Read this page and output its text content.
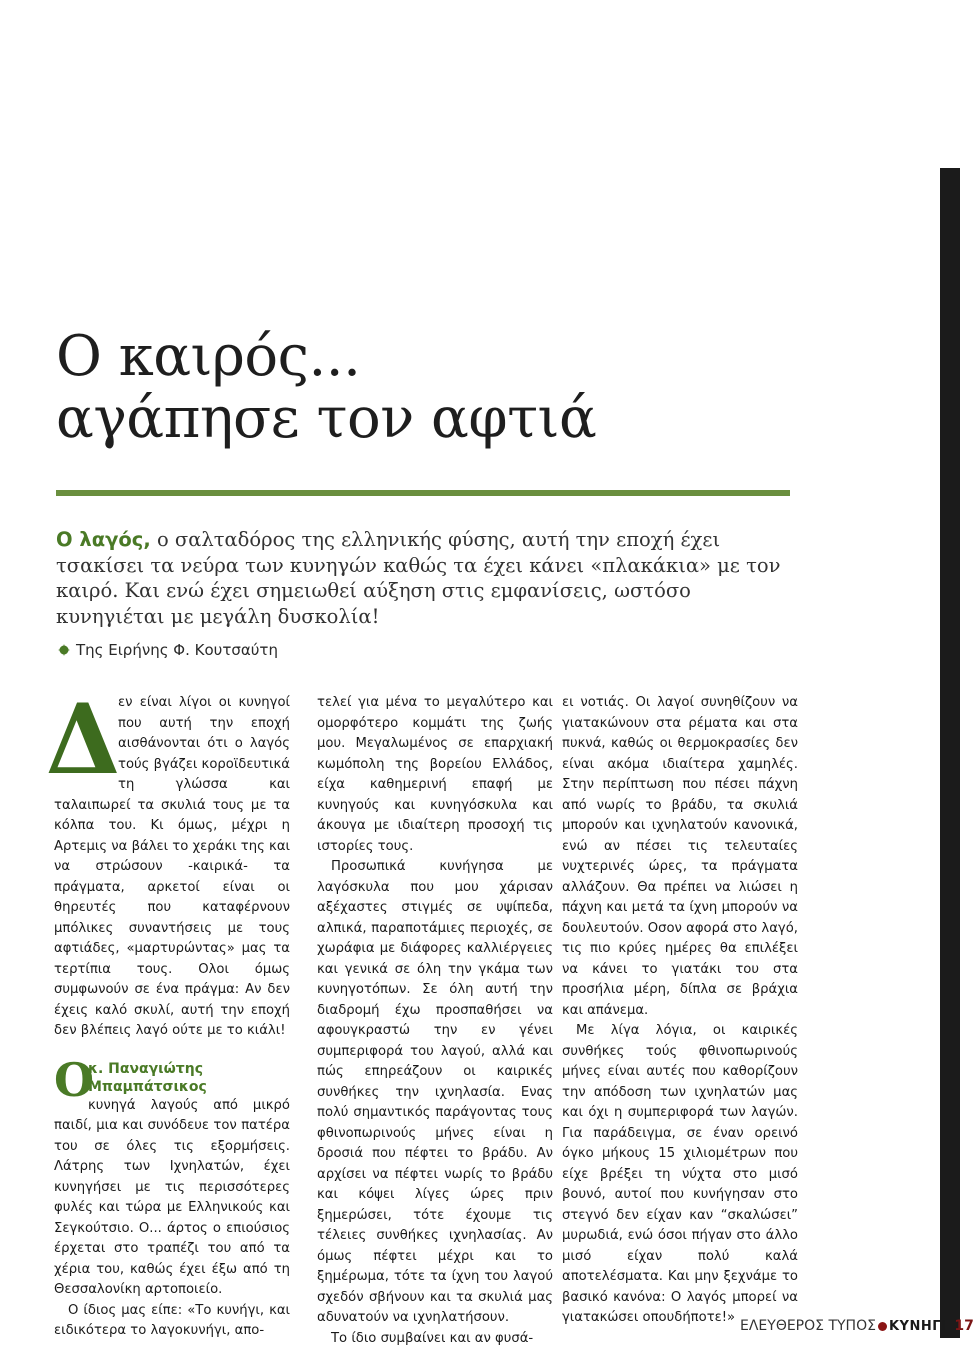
Ο καιρός...
αγάπησε τον αφτιά

Ο λαγός, ο σαλταδόρος της ελληνικής φύσης, αυτή την εποχή έχει τσακίσει τα νεύρα των κυνηγών καθώς τα έχει κάνει «πλακάκια» με τον καιρό. Και ενώ έχει σημειωθεί αύξηση στις εμφανίσεις, ωστόσο κυνηγιέται με μεγάλη δυσκολία!

Της Ειρήνης Φ. Κουτσαύτη

Δ
εν είναι λίγοι οι κυνηγοί που αυτή την εποχή αισθάνονται ότι ο λαγός τούς βγάζει κοροϊδευτικά τη γλώσσα και ταλαιπωρεί τα σκυλιά τους με τα κόλπα του. Κι όμως, μέχρι η Αρτεμις να βάλει το χεράκι της και να στρώσουν -καιρικά- τα πράγματα, αρκετοί είναι οι θηρευτές που καταφέρνουν μπόλικες συναντήσεις με τους αφτιάδες, «μαρτυρώντας» μας τα τερτίπια τους. Ολοι όμως συμφωνούν σε ένα πράγμα: Αν δεν έχεις καλό σκυλί, αυτή την εποχή δεν βλέπεις λαγό ούτε με το κιάλι!

Ο
κ. Παναγιώτης Μπαμπάτσικος
κυνηγά λαγούς από μικρό παιδί, μια και συνόδευε τον πατέρα του σε όλες τις εξορμήσεις. Λάτρης των Ιχνηλατών, έχει κυνηγήσει με τις περισσότερες φυλές και τώρα με Ελληνικούς και Σεγκούτσιο. Ο... άρτος ο επιούσιος έρχεται στο τραπέζι του από τα χέρια του, καθώς έχει έξω από τη Θεσσαλονίκη αρτοποιείο.

Ο ίδιος μας είπε: «Το κυνήγι, και ειδικότερα το λαγοκυνήγι, απο-

τελεί για μένα το μεγαλύτερο και ομορφότερο κομμάτι της ζωής μου. Μεγαλωμένος σε επαρχιακή κωμόπολη της βορείου Ελλάδος, είχα καθημερινή επαφή με κυνηγούς και κυνηγόσκυλα και άκουγα με ιδιαίτερη προσοχή τις ιστορίες τους.

Προσωπικά κυνήγησα με λαγόσκυλα που μου χάρισαν αξέχαστες στιγμές σε υψίπεδα, αλπικά, παραποτάμιες περιοχές, σε χωράφια με διάφορες καλλιέργειες και γενικά σε όλη την γκάμα των κυνηγοτόπων. Σε όλη αυτή την διαδρομή έχω προσπαθήσει να αφουγκραστώ την εν γένει συμπεριφορά του λαγού, αλλά και πώς επηρεάζουν οι καιρικές συνθήκες την ιχνηλασία. Ενας πολύ σημαντικός παράγοντας τους φθινοπωρινούς μήνες είναι η δροσιά που πέφτει το βράδυ. Αν αρχίσει να πέφτει νωρίς το βράδυ και κόψει λίγες ώρες πριν ξημερώσει, τότε έχουμε τις τέλειες συνθήκες ιχνηλασίας. Αν όμως πέφτει μέχρι και το ξημέρωμα, τότε τα ίχνη του λαγού σχεδόν σβήνουν και τα σκυλιά μας αδυνατούν να ιχνηλατήσουν.

Το ίδιο συμβαίνει και αν φυσά-

ει νοτιάς. Οι λαγοί συνηθίζουν να γιατακώνουν στα ρέματα και στα πυκνά, καθώς οι θερμοκρασίες δεν είναι ακόμα ιδιαίτερα χαμηλές. Στην περίπτωση που πέσει πάχνη από νωρίς το βράδυ, τα σκυλιά μπορούν και ιχνηλατούν κανονικά, ενώ αν πέσει τις τελευταίες νυχτερινές ώρες, τα πράγματα αλλάζουν. Θα πρέπει να λιώσει η πάχνη και μετά τα ίχνη μπορούν να δουλευτούν. Οσον αφορά στο λαγό, τις πιο κρύες ημέρες θα επιλέξει να κάνει το γιατάκι του στα προσήλια μέρη, δίπλα σε βράχια και απάνεμα.

Με λίγα λόγια, οι καιρικές συνθήκες τούς φθινοπωρινούς μήνες είναι αυτές που καθορίζουν την απόδοση των ιχνηλατών μας και όχι η συμπεριφορά των λαγών. Για παράδειγμα, σε έναν ορεινό όγκο μήκους 15 χιλιομέτρων που είχε βρέξει τη νύχτα στο μισό βουνό, αυτοί που κυνήγησαν στο στεγνό δεν είχαν καν “σκαλώσει” μυρωδιά, ενώ όσοι πήγαν στο άλλο μισό είχαν πολύ καλά αποτελέσματα. Και μην ξεχνάμε το βασικό κανόνα: Ο λαγός μπορεί να γιατακώσει οπουδήποτε!»

ΕΛΕΥΘΕΡΟΣ ΤΥΠΟΣ ΚΥΝΗΓΙ 17
